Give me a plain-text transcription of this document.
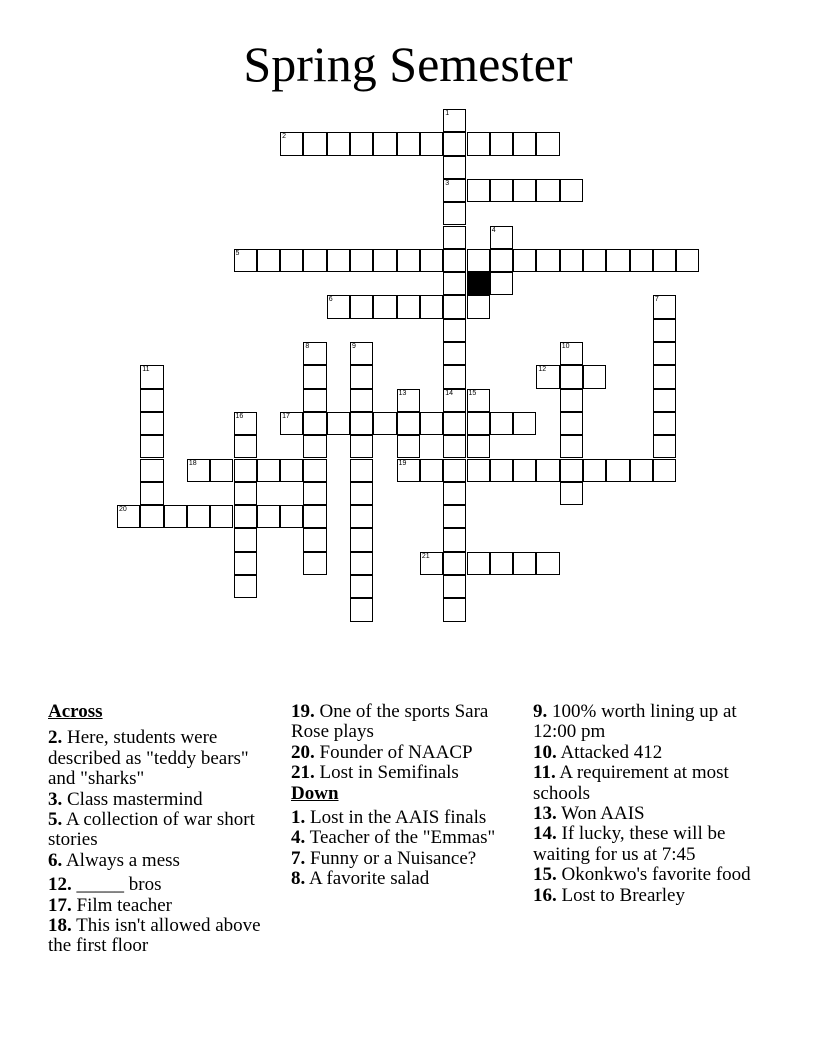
Spring Semester
2
3
5
6
12
17
18	19
20
21
1
14
4
7
8	9	10
11
13	15
16
Across
2. Here, students were described as "teddy bears" and "sharks"
3. Class mastermind
5. A collection of war short stories
6. Always a mess
12. _____ bros
17. Film teacher
18. This isn't allowed above the first floor
19. One of the sports Sara Rose plays
20. Founder of NAACP
21. Lost in Semifinals
Down
1. Lost in the AAIS finals
4. Teacher of the "Emmas"
7. Funny or a Nuisance?
8. A favorite salad
9. 100% worth lining up at 12:00 pm
10. Attacked 412
11. A requirement at most schools
13. Won AAIS
14. If lucky, these will be waiting for us at 7:45
15. Okonkwo's favorite food
16. Lost to Brearley
